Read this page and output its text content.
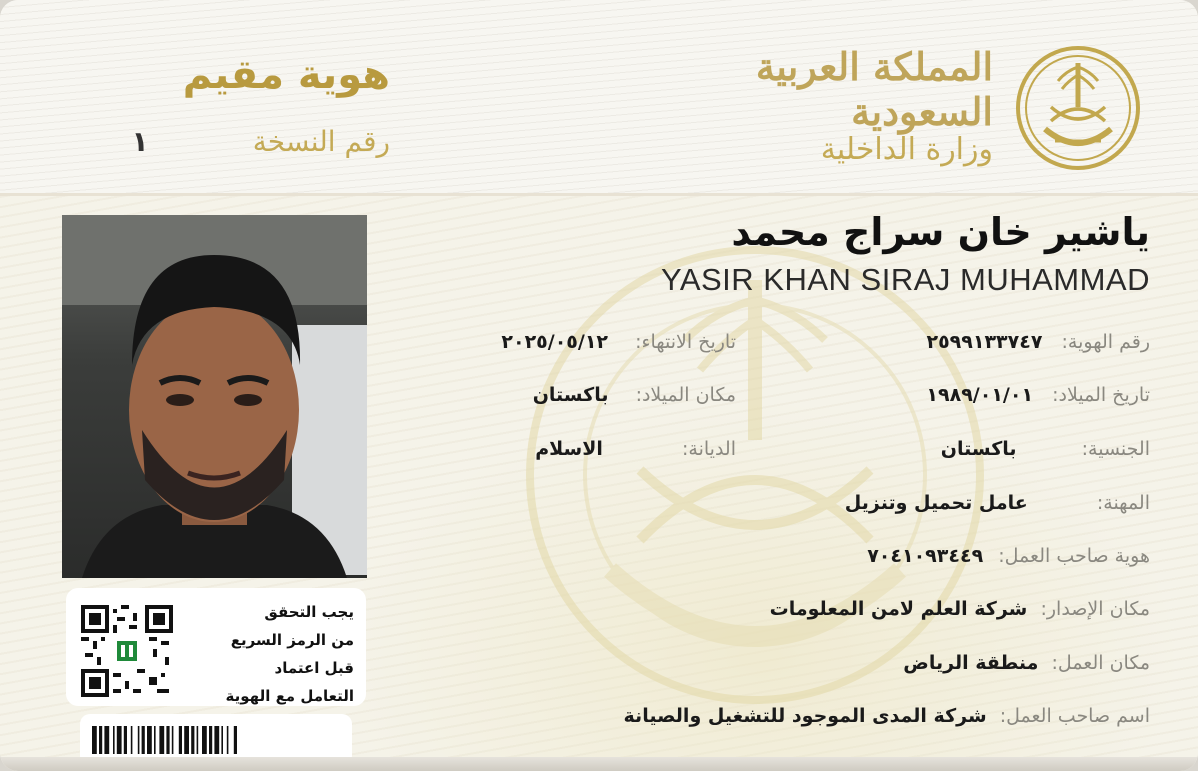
المملكة العربية السعودية
وزارة الداخلية
هوية مقيم
رقم النسخة
١
يجب التحقق
من الرمز السريع
قبل اعتماد
التعامل مع الهوية
ياشير خان سراج محمد
YASIR KHAN SIRAJ MUHAMMAD
رقم الهوية: ٢٥٩٩١٣٣٧٤٧
تاريخ الميلاد: ١٩٨٩/٠١/٠١
الجنسية: باكستان
المهنة: عامل تحميل وتنزيل
هوية صاحب العمل: ٧٠٤١٠٩٣٤٤٩
مكان الإصدار: شركة العلم لامن المعلومات
مكان العمل: منطقة الرياض
اسم صاحب العمل: شركة المدى الموجود للتشغيل والصيانة
تاريخ الانتهاء: ٢٠٢٥/٠٥/١٢
مكان الميلاد: باكستان
الديانة: الاسلام
